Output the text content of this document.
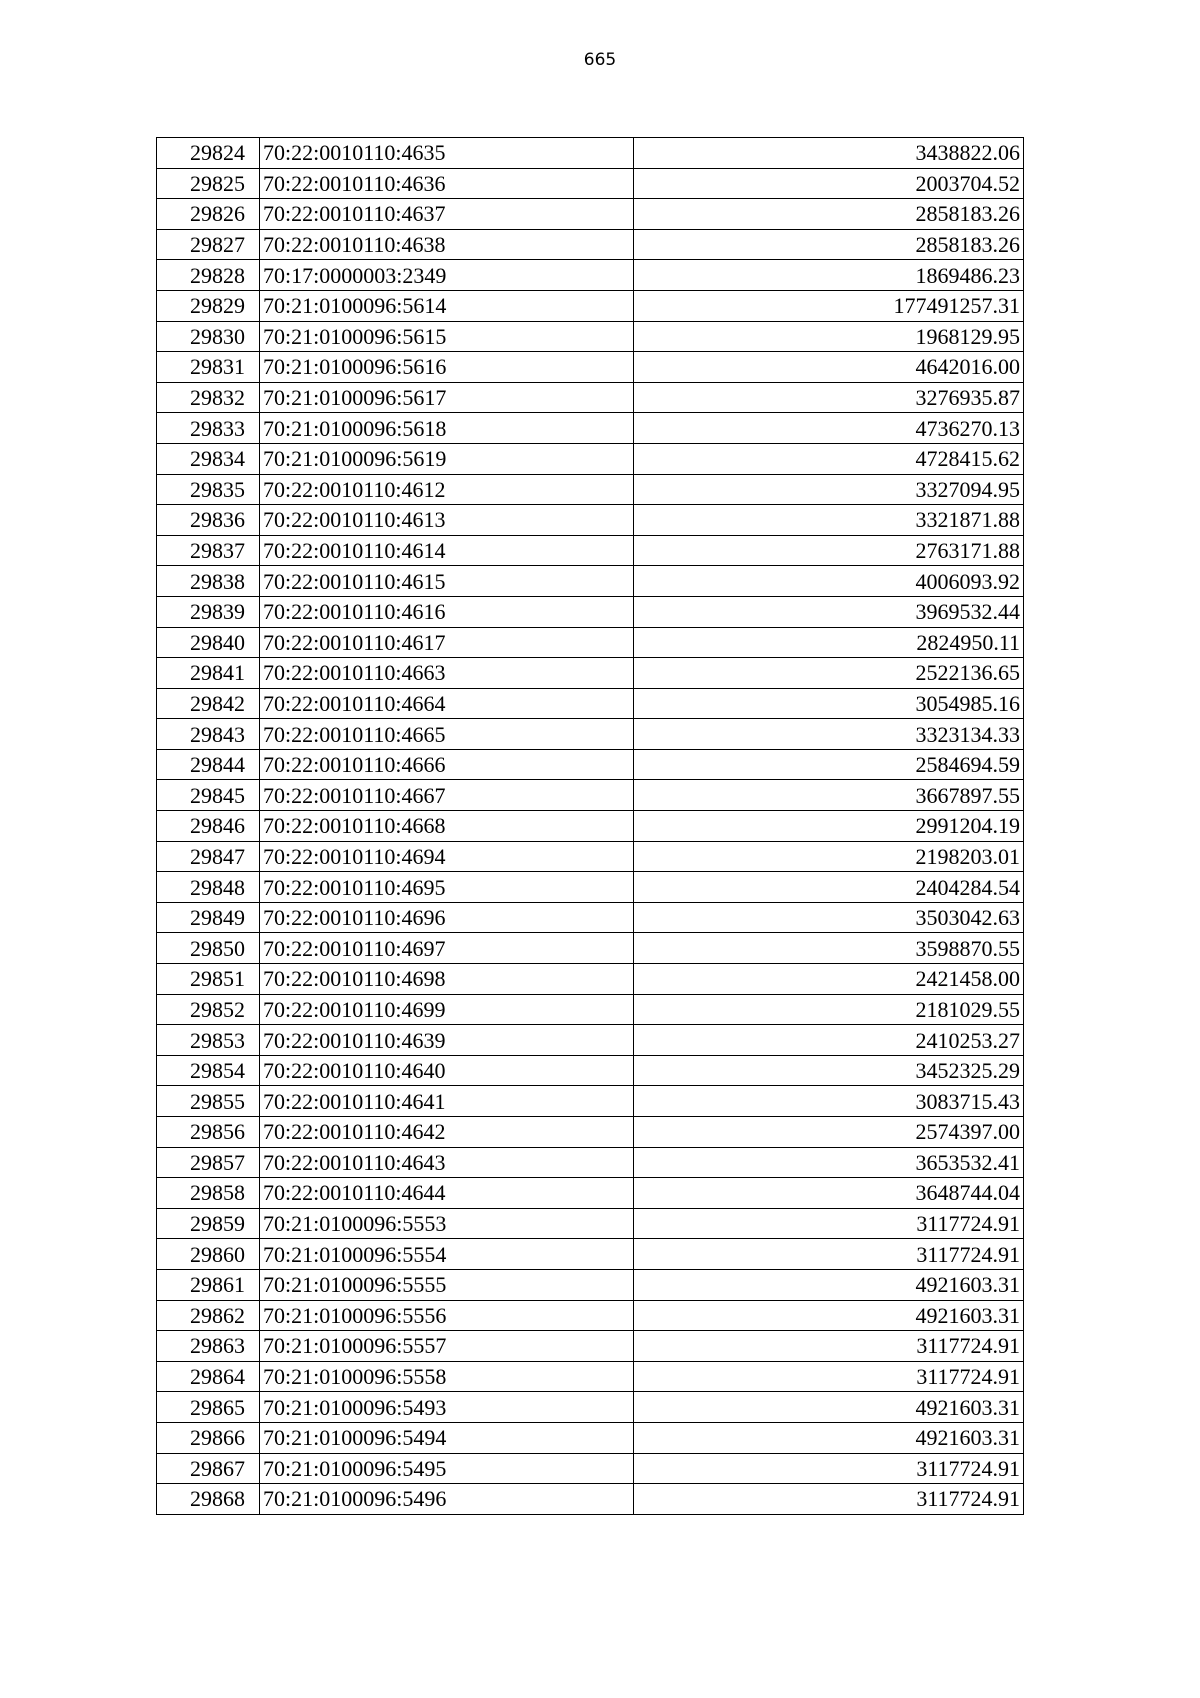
665
29824	70:22:0010110:4635	3438822.06
29825	70:22:0010110:4636	2003704.52
29826	70:22:0010110:4637	2858183.26
29827	70:22:0010110:4638	2858183.26
29828	70:17:0000003:2349	1869486.23
29829	70:21:0100096:5614	177491257.31
29830	70:21:0100096:5615	1968129.95
29831	70:21:0100096:5616	4642016.00
29832	70:21:0100096:5617	3276935.87
29833	70:21:0100096:5618	4736270.13
29834	70:21:0100096:5619	4728415.62
29835	70:22:0010110:4612	3327094.95
29836	70:22:0010110:4613	3321871.88
29837	70:22:0010110:4614	2763171.88
29838	70:22:0010110:4615	4006093.92
29839	70:22:0010110:4616	3969532.44
29840	70:22:0010110:4617	2824950.11
29841	70:22:0010110:4663	2522136.65
29842	70:22:0010110:4664	3054985.16
29843	70:22:0010110:4665	3323134.33
29844	70:22:0010110:4666	2584694.59
29845	70:22:0010110:4667	3667897.55
29846	70:22:0010110:4668	2991204.19
29847	70:22:0010110:4694	2198203.01
29848	70:22:0010110:4695	2404284.54
29849	70:22:0010110:4696	3503042.63
29850	70:22:0010110:4697	3598870.55
29851	70:22:0010110:4698	2421458.00
29852	70:22:0010110:4699	2181029.55
29853	70:22:0010110:4639	2410253.27
29854	70:22:0010110:4640	3452325.29
29855	70:22:0010110:4641	3083715.43
29856	70:22:0010110:4642	2574397.00
29857	70:22:0010110:4643	3653532.41
29858	70:22:0010110:4644	3648744.04
29859	70:21:0100096:5553	3117724.91
29860	70:21:0100096:5554	3117724.91
29861	70:21:0100096:5555	4921603.31
29862	70:21:0100096:5556	4921603.31
29863	70:21:0100096:5557	3117724.91
29864	70:21:0100096:5558	3117724.91
29865	70:21:0100096:5493	4921603.31
29866	70:21:0100096:5494	4921603.31
29867	70:21:0100096:5495	3117724.91
29868	70:21:0100096:5496	3117724.91
